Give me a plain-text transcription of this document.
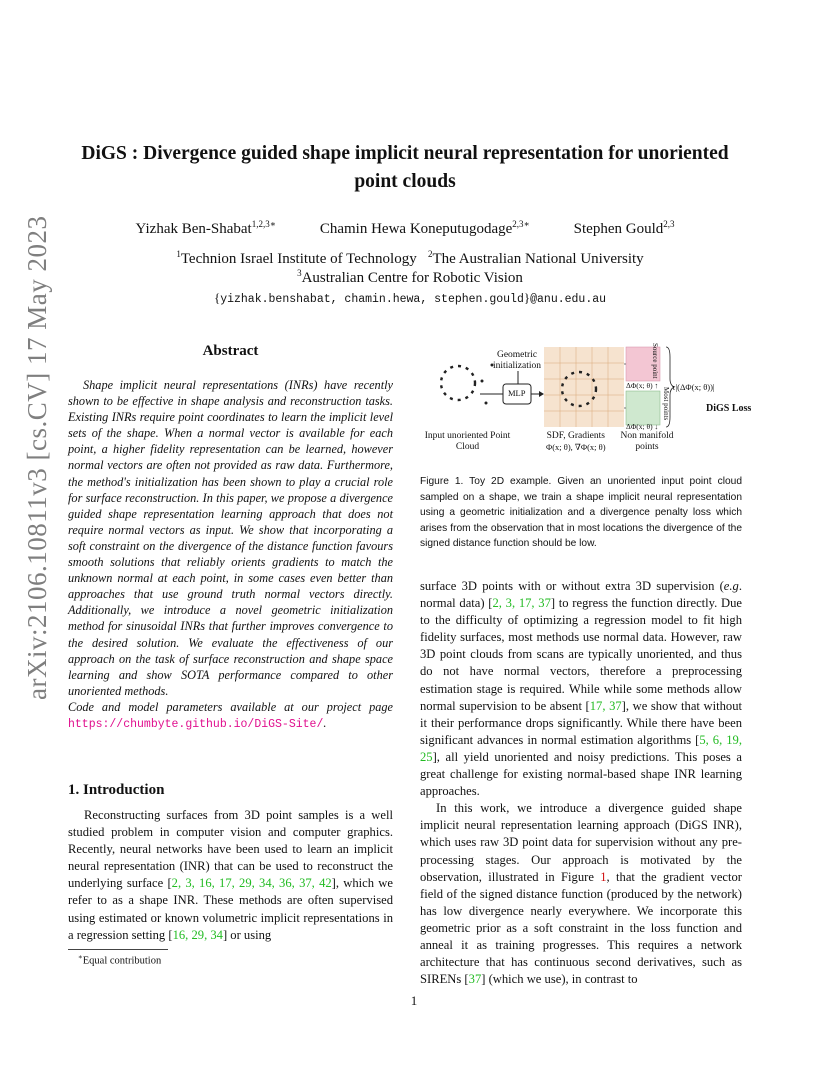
arXiv:2106.10811v3 [cs.CV] 17 May 2023
DiGS : Divergence guided shape implicit neural representation for unoriented
point clouds
Yizhak Ben-Shabat$^{1,2,3∗}$	Chamin Hewa Koneputugodage$^{2,3∗}$	Stephen Gould$^{2,3}$
$^1$Technion Israel Institute of Technology $^2$The Australian National University
$^3$Australian Centre for Robotic Vision
{yizhak.benshabat, chamin.hewa, stephen.gould}@anu.edu.au
Abstract

Shape implicit neural representations (INRs) have recently shown to be effective in shape analysis and reconstruction tasks. Existing INRs require point coordinates to learn the implicit level sets of the shape. When a normal vector is available for each point, a higher fidelity representation can be learned, however normal vectors are often not provided as raw data. Furthermore, the method's initialization has been shown to play a crucial role for surface reconstruction. In this paper, we propose a divergence guided shape representation learning approach that does not require normal vectors as input. We show that incorporating a soft constraint on the divergence of the distance function favours smooth solutions that reliably orients gradients to match the unknown normal at each point, in some cases even better than approaches that use ground truth normal vectors directly. Additionally, we introduce a novel geometric initialization method for sinusoidal INRs that further improves convergence to the desired solution. We evaluate the effectiveness of our approach on the task of surface reconstruction and shape space learning and show SOTA performance compared to other unoriented methods.

Code and model parameters available at our project page https://chumbyte.github.io/DiGS-Site/.

Geometric initialization
MLP
Input unoriented Point Cloud
SDF, Gradients
Φ(x; θ), ∇Φ(x; θ)
Non manifold points
ΔΦ(x; θ) ↑
ΔΦ(x; θ) ↓
τ|(ΔΦ(x; θ))|
DiGS Loss
Source point
Most points
Figure 1. Toy 2D example. Given an unoriented input point cloud sampled on a shape, we train a shape implicit neural representation using a geometric initialization and a divergence penalty loss which arises from the observation that in most locations the divergence of the signed distance function should be low.

surface 3D points with or without extra 3D supervision (e.g. normal data) [2, 3, 17, 37] to regress the function directly. Due to the difficulty of optimizing a regression model to fit high fidelity surfaces, most methods use normal data. However, raw 3D point clouds from scans are typically unoriented, and thus do not have normal vectors, therefore a preprocessing estimation stage is required. While while some methods allow normal supervision to be absent [17, 37], we show that without it their performance drops significantly. While there have been significant advances in normal estimation algorithms [5, 6, 19, 25], all yield unoriented and noisy predictions. This poses a great challenge for existing normal-based shape INR learning approaches.

In this work, we introduce a divergence guided shape implicit neural representation learning approach (DiGS INR), which uses raw 3D point data for supervision without any pre-processing stages. Our approach is motivated by the observation, illustrated in Figure 1, that the gradient vector field of the signed distance function (produced by the network) has low divergence nearly everywhere. We incorporate this geometric prior as a soft constraint in the loss function and anneal it as training progresses. This requires a network architecture that has continuous second derivatives, such as SIRENs [37] (which we use), in contrast to

1. Introduction

Reconstructing surfaces from 3D point samples is a well studied problem in computer vision and computer graphics. Recently, neural networks have been used to learn an implicit neural representation (INR) that can be used to reconstruct the underlying surface [2, 3, 16, 17, 29, 34, 36, 37, 42], which we refer to as a shape INR. These methods are often supervised using estimated or known volumetric implicit representations in a regression setting [16, 29, 34] or using

∗Equal contribution
1
